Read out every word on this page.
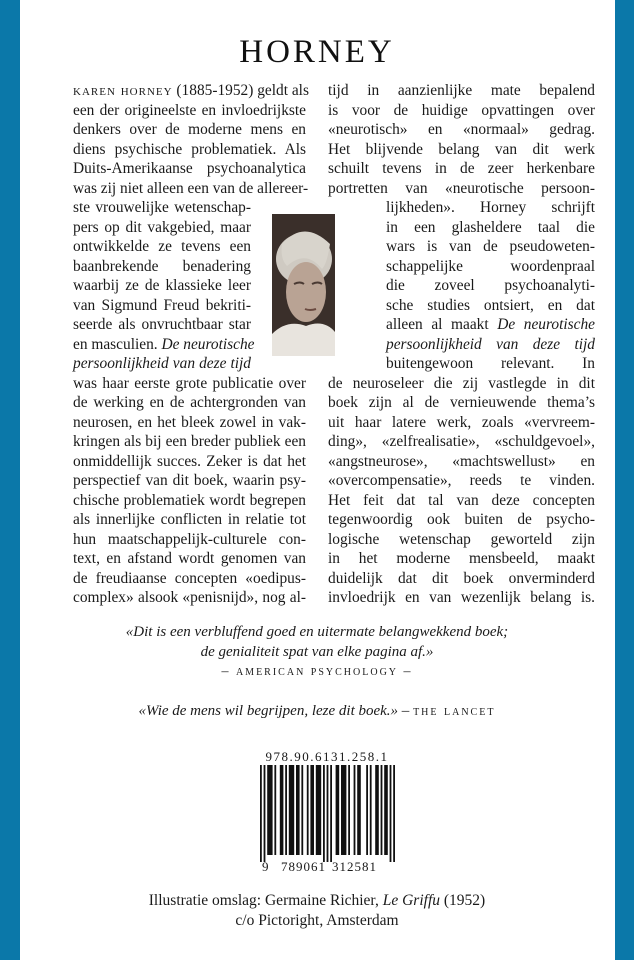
HORNEY
karen horney (1885-1952) geldt als
een der origineelste en invloedrijkste
denkers over de moderne mens en
diens psychische problematiek. Als
Duits-Amerikaanse psychoanalytica
was zij niet alleen een van de allereer-
ste vrouwelijke wetenschap-
pers op dit vakgebied, maar
ontwikkelde ze tevens een
baanbrekende benadering
waarbij ze de klassieke leer
van Sigmund Freud bekriti-
seerde als onvruchtbaar star
en masculien. De neurotische
persoonlijkheid van deze tijd
was haar eerste grote publicatie over
de werking en de achtergronden van
neurosen, en het bleek zowel in vak-
kringen als bij een breder publiek een
onmiddellijk succes. Zeker is dat het
perspectief van dit boek, waarin psy-
chische problematiek wordt begrepen
als innerlijke conflicten in relatie tot
hun maatschappelijk-culturele con-
text, en afstand wordt genomen van
de freudiaanse concepten «oedipus-
complex» alsook «penisnijd», nog al-
tijd in aanzienlijke mate bepalend
is voor de huidige opvattingen over
«neurotisch» en «normaal» gedrag.
Het blijvende belang van dit werk
schuilt tevens in de zeer herkenbare
portretten van «neurotische persoon-
lijkheden». Horney schrijft
in een glasheldere taal die
wars is van de pseudoweten-
schappelijke woordenpraal
die zoveel psychoanalyti-
sche studies ontsiert, en dat
alleen al maakt De neurotische
persoonlijkheid van deze tijd
buitengewoon relevant. In
de neuroseleer die zij vastlegde in dit
boek zijn al de vernieuwende thema’s
uit haar latere werk, zoals «vervreem-
ding», «zelfrealisatie», «schuldgevoel»,
«angstneurose», «machtswellust» en
«overcompensatie», reeds te vinden.
Het feit dat tal van deze concepten
tegenwoordig ook buiten de psycho-
logische wetenschap geworteld zijn
in het moderne mensbeeld, maakt
duidelijk dat dit boek onverminderd
invloedrijk en van wezenlijk belang is.
«Dit is een verbluffend goed en uitermate belangwekkend boek;
de genialiteit spat van elke pagina af.»
– american psychology –
«Wie de mens wil begrijpen, leze dit boek.» – the lancet
978.90.6131.258.1
9 789061 312581
Illustratie omslag: Germaine Richier, Le Griffu (1952)
c/o Pictoright, Amsterdam
